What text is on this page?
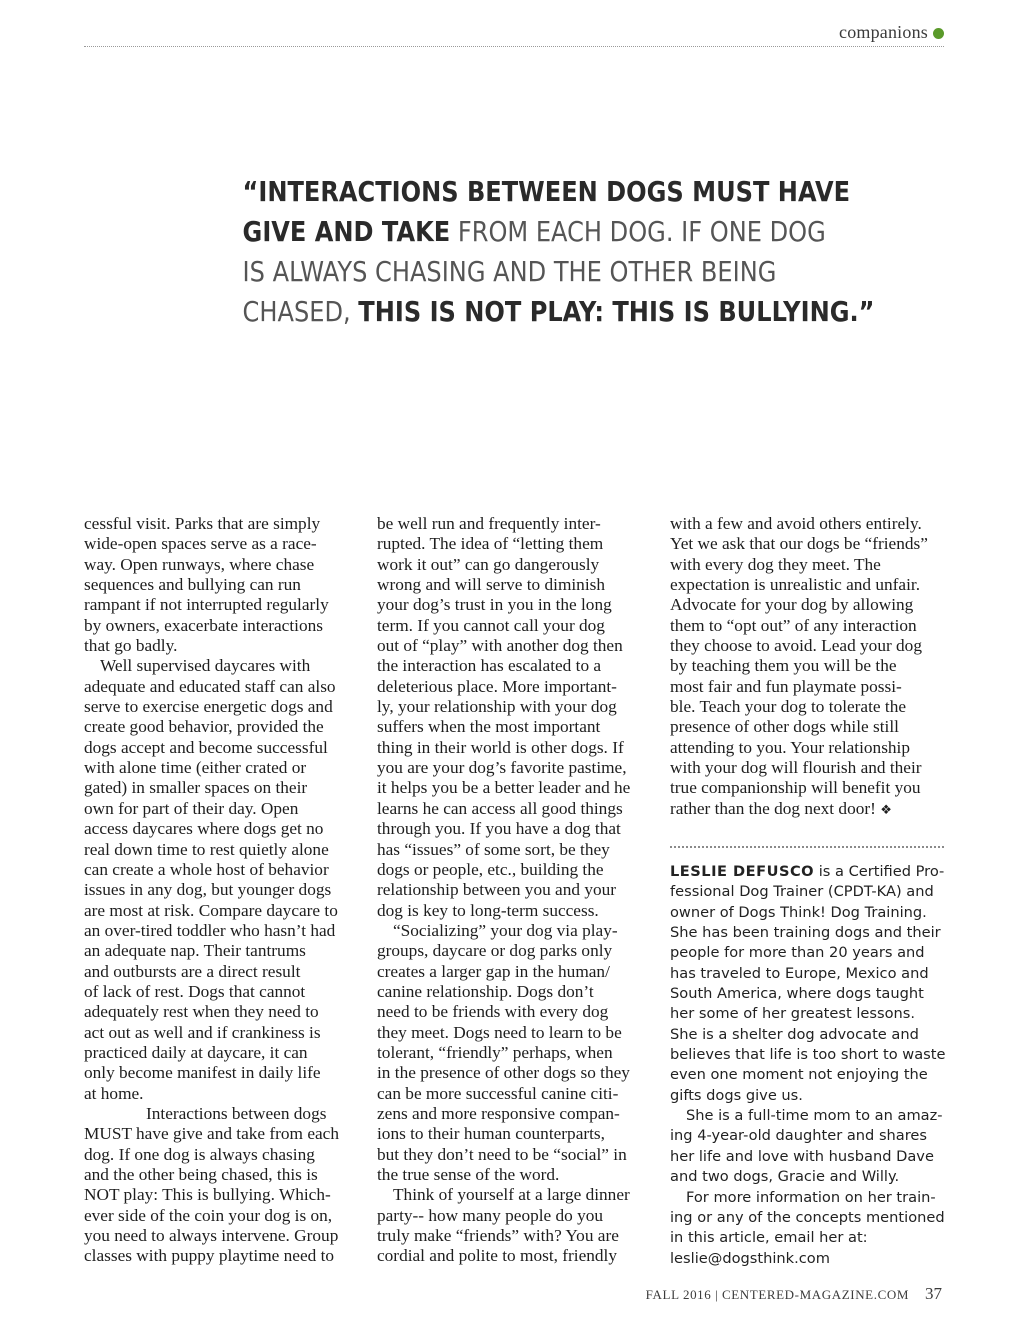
companions
“INTERACTIONS BETWEEN DOGS MUST HAVE
GIVE AND TAKE FROM EACH DOG. IF ONE DOG
IS ALWAYS CHASING AND THE OTHER BEING
CHASED, THIS IS NOT PLAY: THIS IS BULLYING.”
cessful visit. Parks that are simply
wide-open spaces serve as a race-
way. Open runways, where chase
sequences and bullying can run
rampant if not interrupted regularly
by owners, exacerbate interactions
that go badly.
Well supervised daycares with
adequate and educated staff can also
serve to exercise energetic dogs and
create good behavior, provided the
dogs accept and become successful
with alone time (either crated or
gated) in smaller spaces on their
own for part of their day. Open
access daycares where dogs get no
real down time to rest quietly alone
can create a whole host of behavior
issues in any dog, but younger dogs
are most at risk. Compare daycare to
an over-tired toddler who hasn’t had
an adequate nap. Their tantrums
and outbursts are a direct result
of lack of rest. Dogs that cannot
adequately rest when they need to
act out as well and if crankiness is
practiced daily at daycare, it can
only become manifest in daily life
at home.
Interactions between dogs
MUST have give and take from each
dog. If one dog is always chasing
and the other being chased, this is
NOT play: This is bullying. Which-
ever side of the coin your dog is on,
you need to always intervene. Group
classes with puppy playtime need to
be well run and frequently inter-
rupted. The idea of “letting them
work it out” can go dangerously
wrong and will serve to diminish
your dog’s trust in you in the long
term. If you cannot call your dog
out of “play” with another dog then
the interaction has escalated to a
deleterious place. More important-
ly, your relationship with your dog
suffers when the most important
thing in their world is other dogs. If
you are your dog’s favorite pastime,
it helps you be a better leader and he
learns he can access all good things
through you. If you have a dog that
has “issues” of some sort, be they
dogs or people, etc., building the
relationship between you and your
dog is key to long-term success.
“Socializing” your dog via play-
groups, daycare or dog parks only
creates a larger gap in the human/
canine relationship. Dogs don’t
need to be friends with every dog
they meet. Dogs need to learn to be
tolerant, “friendly” perhaps, when
in the presence of other dogs so they
can be more successful canine citi-
zens and more responsive compan-
ions to their human counterparts,
but they don’t need to be “social” in
the true sense of the word.
Think of yourself at a large dinner
party-- how many people do you
truly make “friends” with? You are
cordial and polite to most, friendly
with a few and avoid others entirely.
Yet we ask that our dogs be “friends”
with every dog they meet. The
expectation is unrealistic and unfair.
Advocate for your dog by allowing
them to “opt out” of any interaction
they choose to avoid. Lead your dog
by teaching them you will be the
most fair and fun playmate possi-
ble. Teach your dog to tolerate the
presence of other dogs while still
attending to you. Your relationship
with your dog will flourish and their
true companionship will benefit you
rather than the dog next door! ❖
LESLIE DEFUSCO is a Certified Pro-
fessional Dog Trainer (CPDT-KA) and
owner of Dogs Think! Dog Training.
She has been training dogs and their
people for more than 20 years and
has traveled to Europe, Mexico and
South America, where dogs taught
her some of her greatest lessons.
She is a shelter dog advocate and
believes that life is too short to waste
even one moment not enjoying the
gifts dogs give us.
She is a full-time mom to an amaz-
ing 4-year-old daughter and shares
her life and love with husband Dave
and two dogs, Gracie and Willy.
For more information on her train-
ing or any of the concepts mentioned
in this article, email her at:
leslie@dogsthink.com
FALL 2016 | CENTERED-MAGAZINE.COM 37
